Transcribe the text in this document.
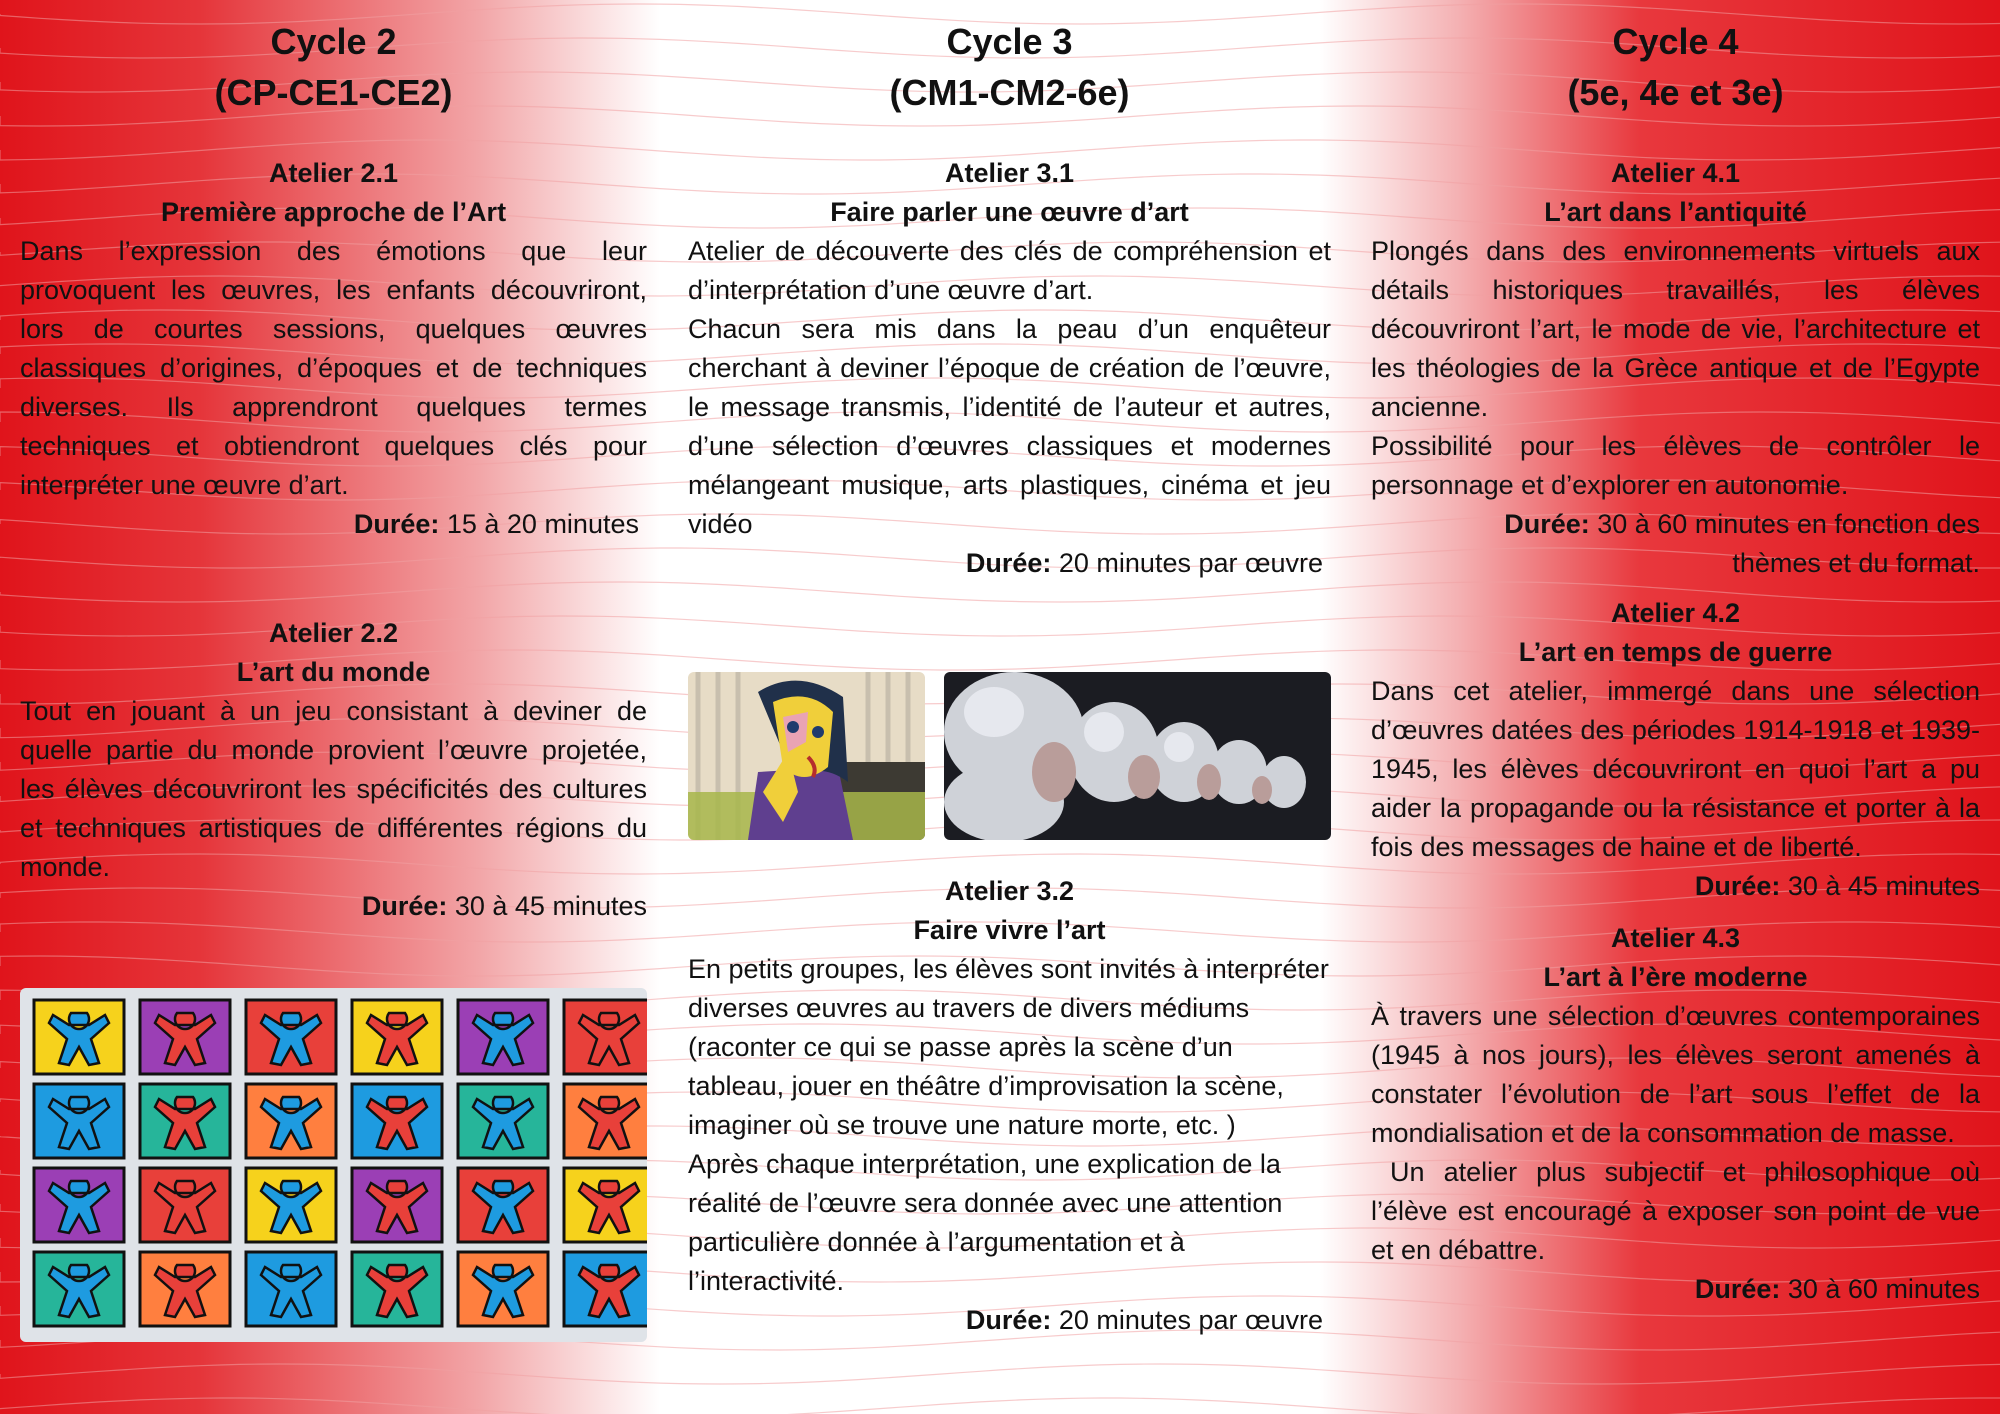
Cycle 2
(CP-CE1-CE2)
Atelier 2.1
Première approche de l’Art
Dans l’expression des émotions que leur provoquent les œuvres, les enfants découvriront, lors de courtes sessions, quelques œuvres classiques d’origines, d’époques et de techniques diverses. Ils apprendront quelques termes techniques et obtiendront quelques clés pour interpréter une œuvre d’art.
Durée: 15 à 20 minutes
Atelier 2.2
L’art du monde
Tout en jouant à un jeu consistant à deviner de quelle partie du monde provient l’œuvre projetée, les élèves découvriront les spécificités des cultures et techniques artistiques de différentes régions du monde.
Durée: 30 à 45 minutes
Cycle 3
(CM1-CM2-6e)
Atelier 3.1
Faire parler une œuvre d’art
Atelier de découverte des clés de compréhension et d’interprétation d’une œuvre d’art.
Chacun sera mis dans la peau d’un enquêteur cherchant à deviner l’époque de création de l’œuvre, le message transmis, l’identité de l’auteur et autres, d’une sélection d’œuvres classiques et modernes mélangeant musique, arts plastiques, cinéma et jeu vidéo
Durée: 20 minutes par œuvre
Atelier 3.2
Faire vivre l’art
En petits groupes, les élèves sont invités à interpréter diverses œuvres au travers de divers médiums (raconter ce qui se passe après la scène d’un tableau, jouer en théâtre d’improvisation la scène, imaginer où se trouve une nature morte, etc. )
Après chaque interprétation, une explication de la réalité de l’œuvre sera donnée avec une attention particulière donnée à l’argumentation et à l’interactivité.
Durée: 20 minutes par œuvre
Cycle 4
(5e, 4e et 3e)
Atelier 4.1
L’art dans l’antiquité
Plongés dans des environnements virtuels aux détails historiques travaillés, les élèves découvriront l’art, le mode de vie, l’architecture et les théologies de la Grèce antique et de l’Egypte ancienne.
Possibilité pour les élèves de contrôler le personnage et d’explorer en autonomie.
Durée: 30 à 60 minutes en fonction des thèmes et du format.
Atelier 4.2
L’art en temps de guerre
Dans cet atelier, immergé dans une sélection d’œuvres datées des périodes 1914-1918 et 1939-1945, les élèves découvriront en quoi l’art a pu aider la propagande ou la résistance et porter à la fois des messages de haine et de liberté.
Durée: 30 à 45 minutes
Atelier 4.3
L’art à l’ère moderne
À travers une sélection d’œuvres contemporaines (1945 à nos jours), les élèves seront amenés à constater l’évolution de l’art sous l’effet de la mondialisation et de la consommation de masse.
Un atelier plus subjectif et philosophique où l’élève est encouragé à exposer son point de vue et en débattre.
Durée: 30 à 60 minutes
